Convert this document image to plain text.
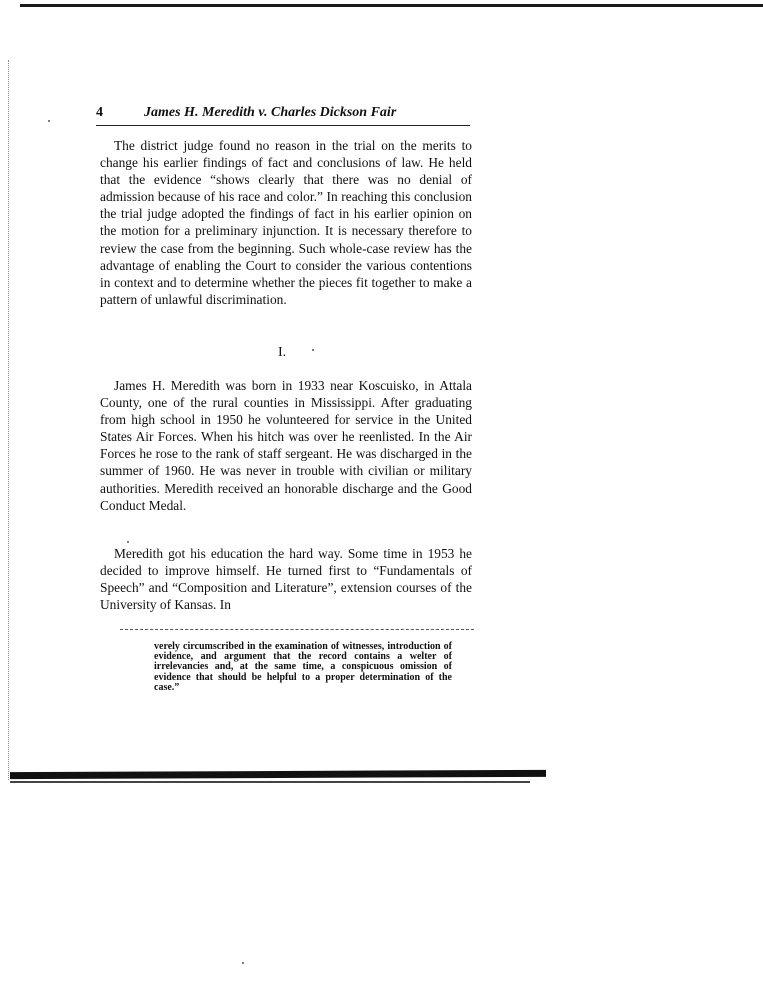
4	James H. Meredith v. Charles Dickson Fair

The district judge found no reason in the trial on the merits to change his earlier findings of fact and conclusions of law. He held that the evidence “shows clearly that there was no denial of admission because of his race and color.” In reaching this conclusion the trial judge adopted the findings of fact in his earlier opinion on the motion for a preliminary injunction. It is necessary therefore to review the case from the beginning. Such whole-case review has the advantage of enabling the Court to consider the various contentions in context and to determine whether the pieces fit together to make a pattern of unlawful discrimination.

I.

James H. Meredith was born in 1933 near Koscuisko, in Attala County, one of the rural counties in Mississippi. After graduating from high school in 1950 he volunteered for service in the United States Air Forces. When his hitch was over he reenlisted. In the Air Forces he rose to the rank of staff sergeant. He was discharged in the summer of 1960. He was never in trouble with civilian or military authorities. Meredith received an honorable discharge and the Good Conduct Medal.

Meredith got his education the hard way. Some time in 1953 he decided to improve himself. He turned first to “Fundamentals of Speech” and “Composition and Literature”, extension courses of the University of Kansas. In

verely circumscribed in the examination of witnesses, introduction of evidence, and argument that the record contains a welter of irrelevancies and, at the same time, a conspicuous omission of evidence that should be helpful to a proper determination of the case.”
